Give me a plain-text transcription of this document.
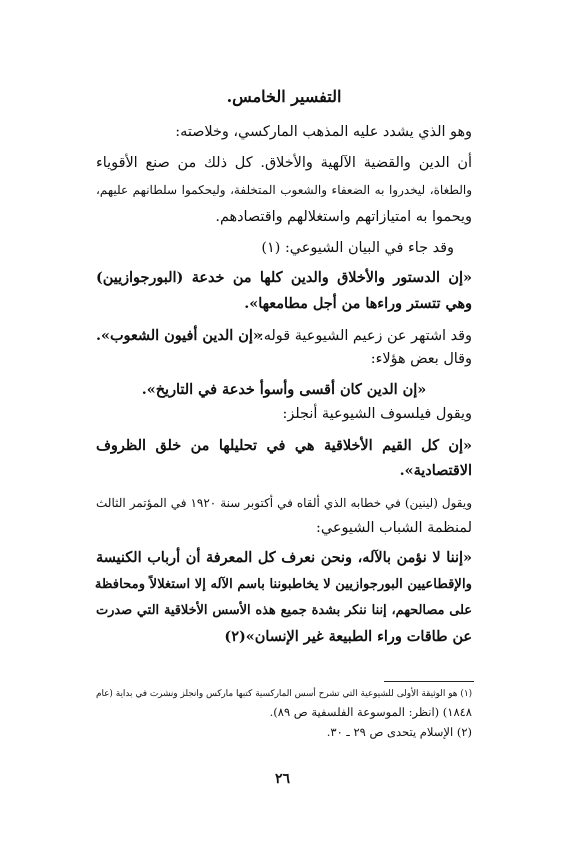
التفسير الخامس.
وهو الذي يشدد عليه المذهب الماركسي، وخلاصته:
أن الدين والقضية الآلهية والأخلاق. كل ذلك من صنع الأقوياء
والطغاة، ليخدروا به الضعفاء والشعوب المتخلفة، وليحكموا سلطانهم عليهم،
ويحموا به امتيازاتهم واستغلالهم واقتصادهم.
وقد جاء في البيان الشيوعي: (١)
«إن الدستور والأخلاق والدين كلها من خدعة (البورجوازيين)
وهي تتستر وراءها من أجل مطامعها».
وقد اشتهر عن زعيم الشيوعية قوله:
«إن الدين أفيون الشعوب».
وقال بعض هؤلاء:
«إن الدين كان أقسى وأسوأ خدعة في التاريخ».
ويقول فيلسوف الشيوعية أنجلز:
«إن كل القيم الأخلاقية هي في تحليلها من خلق الظروف
الاقتصادية».
ويقول (لينين) في خطابه الذي ألقاه في أكتوبر سنة ١٩٢٠ في المؤتمر الثالث
لمنظمة الشباب الشيوعي:
«إننا لا نؤمن بالآله، ونحن نعرف كل المعرفة أن أرباب الكنيسة
والإقطاعيين البورجوازيين لا يخاطبوننا باسم الآله إلا استغلالاً ومحافظة
على مصالحهم، إننا ننكر بشدة جميع هذه الأسس الأخلاقية التي صدرت
عن طاقات وراء الطبيعة غير الإنسان»(٢)
(١) هو الوثيقة الأولى للشيوعية التي تشرح أسس الماركسية كتبها ماركس وانجلز ونشرت في بداية (عام
١٨٤٨) (انظر: الموسوعة الفلسفية ص ٨٩).
(٢) الإسلام يتحدى ص ٢٩ ـ ٣٠.
٢٦
